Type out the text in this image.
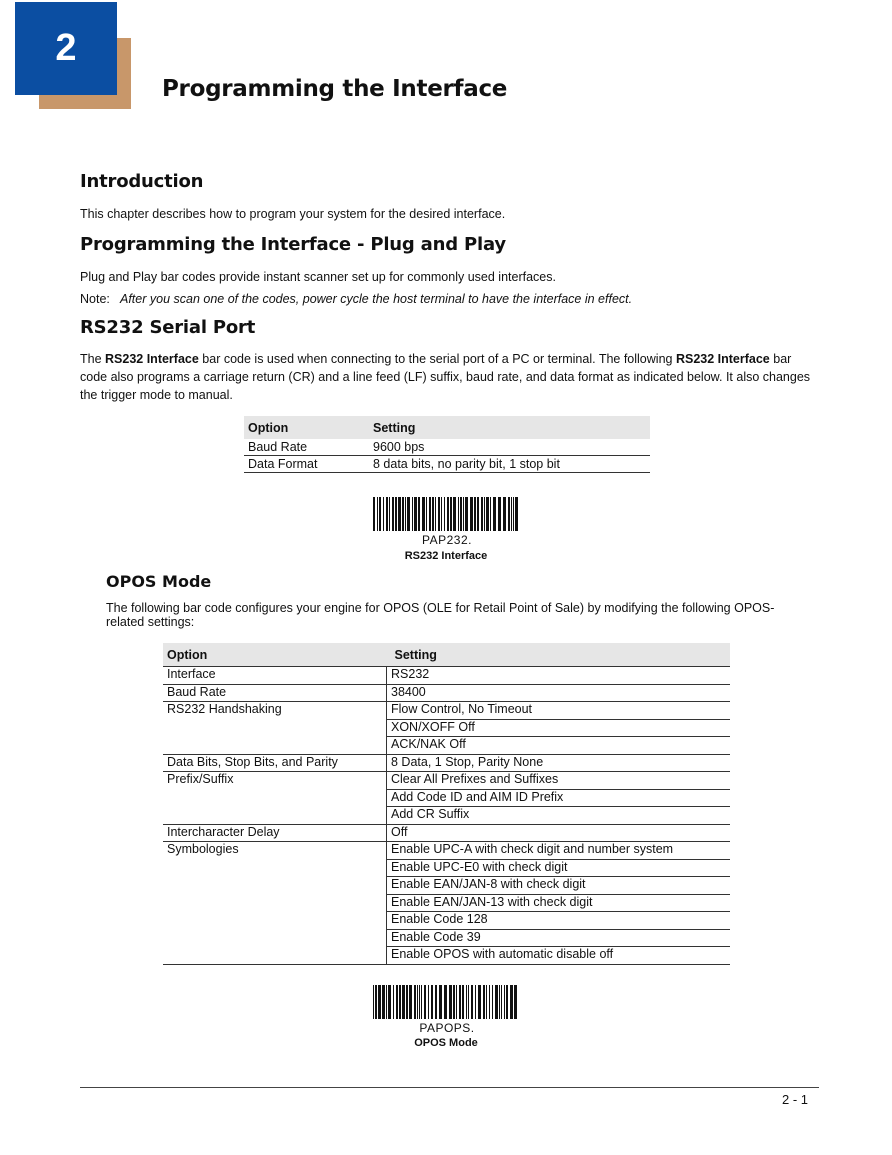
2
Programming the Interface
Introduction

This chapter describes how to program your system for the desired interface.

Programming the Interface - Plug and Play

Plug and Play bar codes provide instant scanner set up for commonly used interfaces.

Note: After you scan one of the codes, power cycle the host terminal to have the interface in effect.

RS232 Serial Port

The RS232 Interface bar code is used when connecting to the serial port of a PC or terminal. The following RS232 Interface bar code also programs a carriage return (CR) and a line feed (LF) suffix, baud rate, and data format as indicated below. It also changes the trigger mode to manual.

Option	Setting
Baud Rate	9600 bps
Data Format	8 data bits, no parity bit, 1 stop bit
PAP232.
RS232 Interface
OPOS Mode

The following bar code configures your engine for OPOS (OLE for Retail Point of Sale) by modifying the following OPOS-related settings:

Option	Setting
Interface	RS232
Baud Rate	38400
RS232 Handshaking	Flow Control, No Timeout
	XON/XOFF Off
	ACK/NAK Off
Data Bits, Stop Bits, and Parity	8 Data, 1 Stop, Parity None
Prefix/Suffix	Clear All Prefixes and Suffixes
	Add Code ID and AIM ID Prefix
	Add CR Suffix
Intercharacter Delay	Off
Symbologies	Enable UPC-A with check digit and number system
	Enable UPC-E0 with check digit
	Enable EAN/JAN-8 with check digit
	Enable EAN/JAN-13 with check digit
	Enable Code 128
	Enable Code 39
	Enable OPOS with automatic disable off
PAPOPS.
OPOS Mode
2 - 1
